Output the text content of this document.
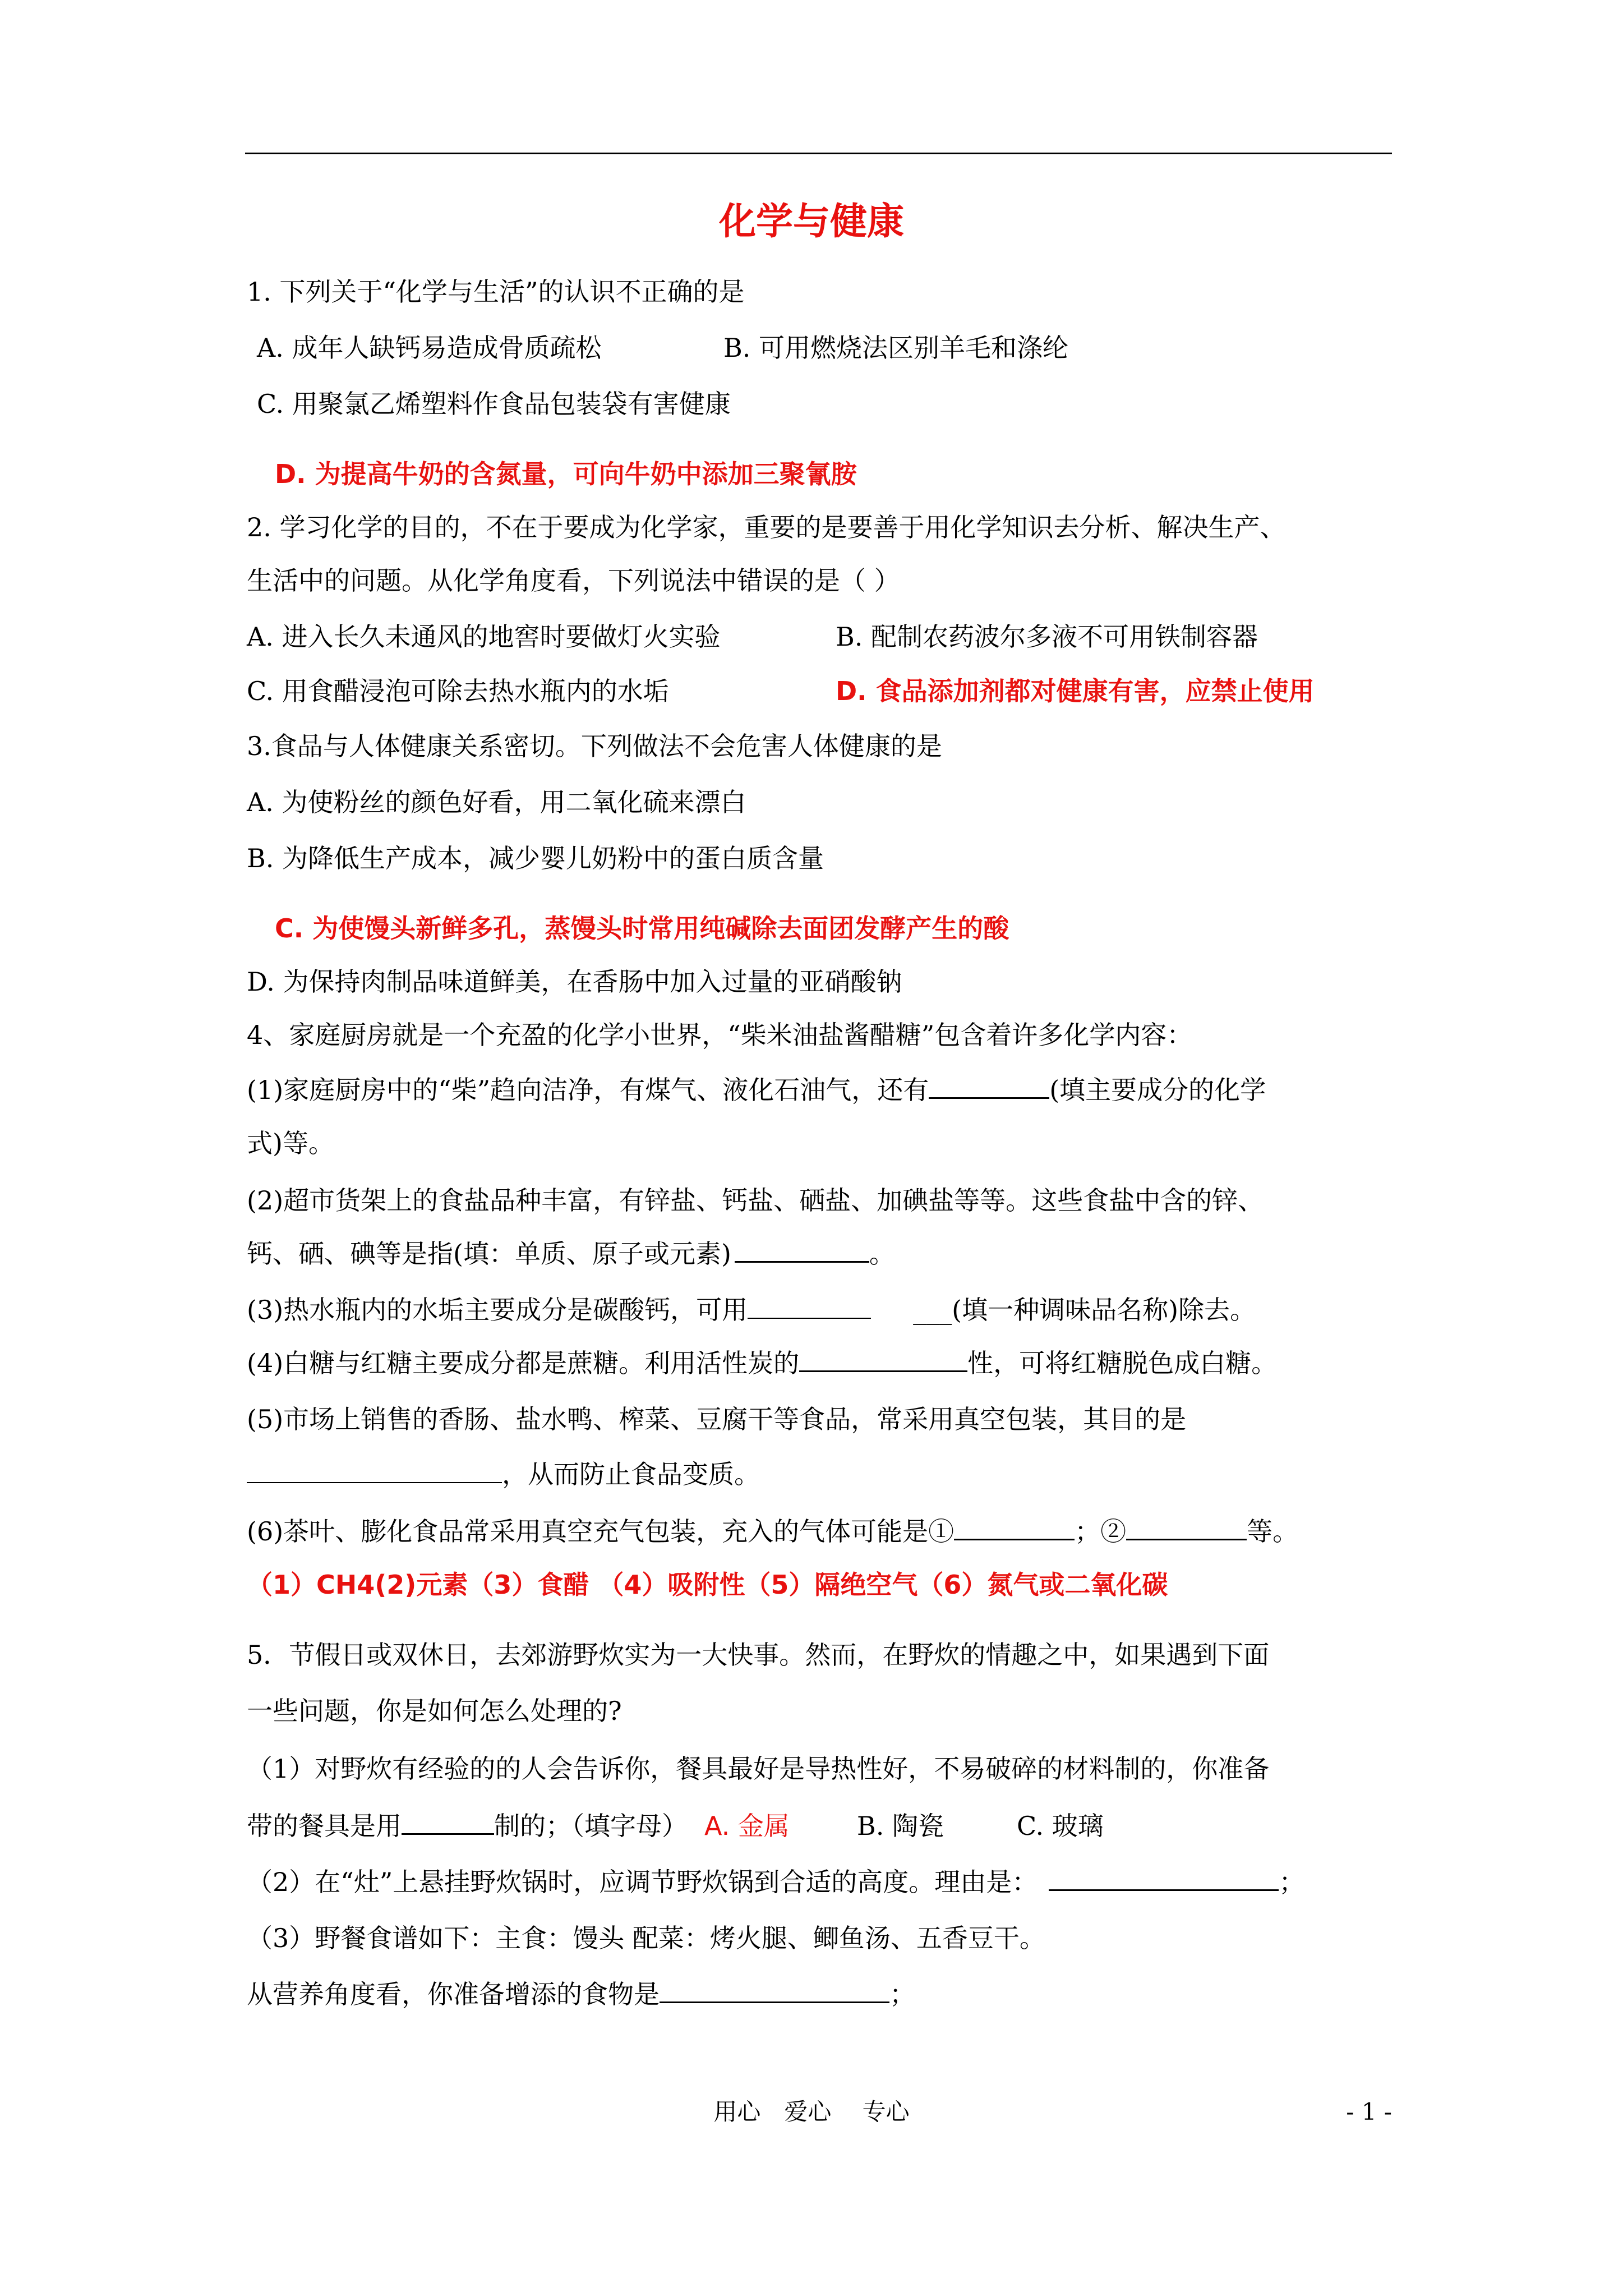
化学与健康
1. 下列关于“化学与生活”的认识不正确的是
A. 成年人缺钙易造成骨质疏松	B. 可用燃烧法区别羊毛和涤纶
C. 用聚氯乙烯塑料作食品包装袋有害健康
D. 为提高牛奶的含氮量，可向牛奶中添加三聚氰胺
2. 学习化学的目的，不在于要成为化学家，重要的是要善于用化学知识去分析、解决生产、
生活中的问题。从化学角度看，下列说法中错误的是（ ）
A. 进入长久未通风的地窖时要做灯火实验	B. 配制农药波尔多液不可用铁制容器
C. 用食醋浸泡可除去热水瓶内的水垢	D. 食品添加剂都对健康有害，应禁止使用
3.食品与人体健康关系密切。下列做法不会危害人体健康的是
A. 为使粉丝的颜色好看，用二氧化硫来漂白
B. 为降低生产成本，减少婴儿奶粉中的蛋白质含量
C. 为使馒头新鲜多孔，蒸馒头时常用纯碱除去面团发酵产生的酸
D. 为保持肉制品味道鲜美，在香肠中加入过量的亚硝酸钠
4、家庭厨房就是一个充盈的化学小世界，“柴米油盐酱醋糖”包含着许多化学内容：
(1)家庭厨房中的“柴”趋向洁净，有煤气、液化石油气，还有	(填主要成分的化学
式)等。
(2)超市货架上的食盐品种丰富，有锌盐、钙盐、硒盐、加碘盐等等。这些食盐中含的锌、
钙、硒、碘等是指(填：单质、原子或元素)	。
(3)热水瓶内的水垢主要成分是碳酸钙，可用	___(填一种调味品名称)除去。
(4)白糖与红糖主要成分都是蔗糖。利用活性炭的	性，可将红糖脱色成白糖。
(5)市场上销售的香肠、盐水鸭、榨菜、豆腐干等食品，常采用真空包装，其目的是
，从而防止食品变质。
(6)茶叶、膨化食品常采用真空充气包装，充入的气体可能是①	；②	等。
（1）CH4(2)元素（3）食醋 （4）吸附性（5）隔绝空气（6）氮气或二氧化碳
5．节假日或双休日，去郊游野炊实为一大快事。然而，在野炊的情趣之中，如果遇到下面
一些问题，你是如何怎么处理的?
（1）对野炊有经验的的人会告诉你，餐具最好是导热性好，不易破碎的材料制的，你准备
带的餐具是用	制的；（填字母） A. 金属	B. 陶瓷	C. 玻璃
（2）在“灶”上悬挂野炊锅时，应调节野炊锅到合适的高度。理由是：	；
（3）野餐食谱如下：主食：馒头 配菜：烤火腿、鲫鱼汤、五香豆干。
从营养角度看，你准备增添的食物是	；
用心　爱心　 专心	- 1 -
